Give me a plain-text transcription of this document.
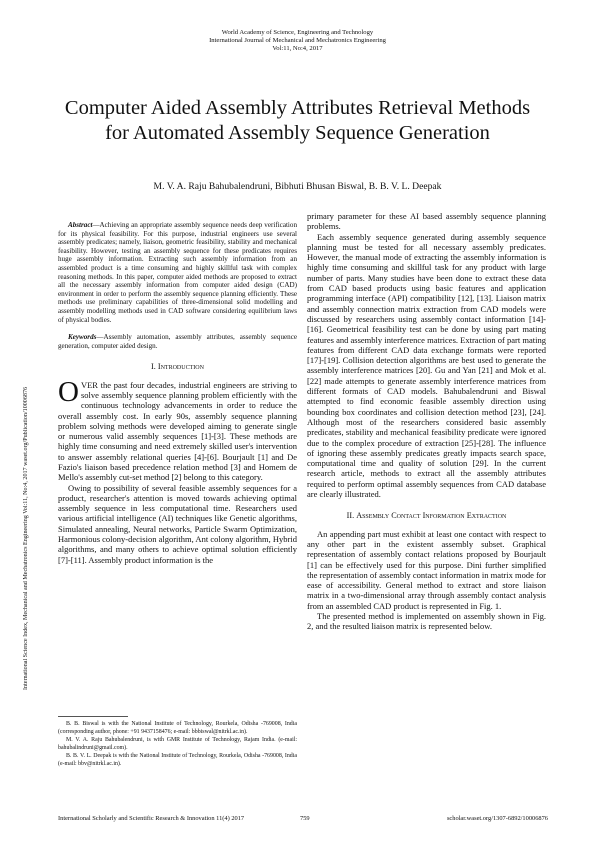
World Academy of Science, Engineering and Technology
International Journal of Mechanical and Mechatronics Engineering
Vol:11, No:4, 2017
Computer Aided Assembly Attributes Retrieval Methods for Automated Assembly Sequence Generation
M. V. A. Raju Bahubalendruni, Bibhuti Bhusan Biswal, B. B. V. L. Deepak
International Science Index, Mechanical and Mechatronics Engineering Vol:11, No:4, 2017 waset.org/Publication/10006876

Abstract—Achieving an appropriate assembly sequence needs deep verification for its physical feasibility. For this purpose, industrial engineers use several assembly predicates; namely, liaison, geometric feasibility, stability and mechanical feasibility. However, testing an assembly sequence for these predicates requires huge assembly information. Extracting such assembly information from an assembled product is a time consuming and highly skillful task with complex reasoning methods. In this paper, computer aided methods are proposed to extract all the necessary assembly information from computer aided design (CAD) environment in order to perform the assembly sequence planning efficiently. These methods use preliminary capabilities of three-dimensional solid modelling and assembly modelling methods used in CAD software considering equilibrium laws of physical bodies.

Keywords—Assembly automation, assembly attributes, assembly sequence generation, computer aided design.

I. Introduction

OVER the past four decades, industrial engineers are striving to solve assembly sequence planning problem efficiently with the continuous technology advancements in order to reduce the overall assembly cost. In early 90s, assembly sequence planning problem solving methods were developed aiming to generate single or numerous valid assembly sequences [1]-[3]. These methods are highly time consuming and need extremely skilled user's intervention to answer assembly relational queries [4]-[6]. Bourjault [1] and De Fazio's liaison based precedence relation method [3] and Homem de Mello's assembly cut-set method [2] belong to this category.

Owing to possibility of several feasible assembly sequences for a product, researcher's attention is moved towards achieving optimal assembly sequence in less computational time. Researchers used various artificial intelligence (AI) techniques like Genetic algorithms, Simulated annealing, Neural networks, Particle Swarm Optimization, Harmonious colony-decision algorithm, Ant colony algorithm, Hybrid algorithms, and many others to achieve optimal solution efficiently [7]-[11]. Assembly product information is the

primary parameter for these AI based assembly sequence planning problems.

Each assembly sequence generated during assembly sequence planning must be tested for all necessary assembly predicates. However, the manual mode of extracting the assembly information is highly time consuming and skillful task for any product with large number of parts. Many studies have been done to extract these data from CAD based products using basic features and application programming interface (API) compatibility [12], [13]. Liaison matrix and assembly connection matrix extraction from CAD models were discussed by researchers using assembly contact information [14]-[16]. Geometrical feasibility test can be done by using part mating features and assembly interference matrices. Extraction of part mating features from different CAD data exchange formats were reported [17]-[19]. Collision detection algorithms are best used to generate the assembly interference matrices [20]. Gu and Yan [21] and Mok et al. [22] made attempts to generate assembly interference matrices from different formats of CAD models. Bahubalendruni and Biswal attempted to find economic feasible assembly direction using bounding box coordinates and collision detection method [23], [24]. Although most of the researchers considered basic assembly predicates, stability and mechanical feasibility predicate were ignored due to the complex procedure of extraction [25]-[28]. The influence of ignoring these assembly predicates greatly impacts search space, computational time and quality of solution [29]. In the current research article, methods to extract all the assembly attributes required to perform optimal assembly sequences from CAD database are clearly illustrated.

II. Assembly Contact Information Extraction

An appending part must exhibit at least one contact with respect to any other part in the existent assembly subset. Graphical representation of assembly contact relations proposed by Bourjault [1] can be effectively used for this purpose. Dini further simplified the representation of assembly contact information in matrix mode for ease of accessibility. General method to extract and store liaison matrix in a two-dimensional array through assembly contact analysis from an assembled CAD product is represented in Fig. 1.

The presented method is implemented on assembly shown in Fig. 2, and the resulted liaison matrix is represented below.

B. B. Biswal is with the National Institute of Technology, Rourkela, Odisha -769008, India (corresponding author, phone: +91 9437158476; e-mail: bbbiswal@nitrkl.ac.in).

M. V. A. Raju Bahubalendruni, is with GMR Institute of Technology, Rajam India. (e-mail: bahubalindruni@gmail.com).

B. B. V. L. Deepak is with the National Institute of Technology, Rourkela, Odisha -769008, India (e-mail: bbv@nitrkl.ac.in).

International Scholarly and Scientific Research & Innovation 11(4) 2017	759	scholar.waset.org/1307-6892/10006876
